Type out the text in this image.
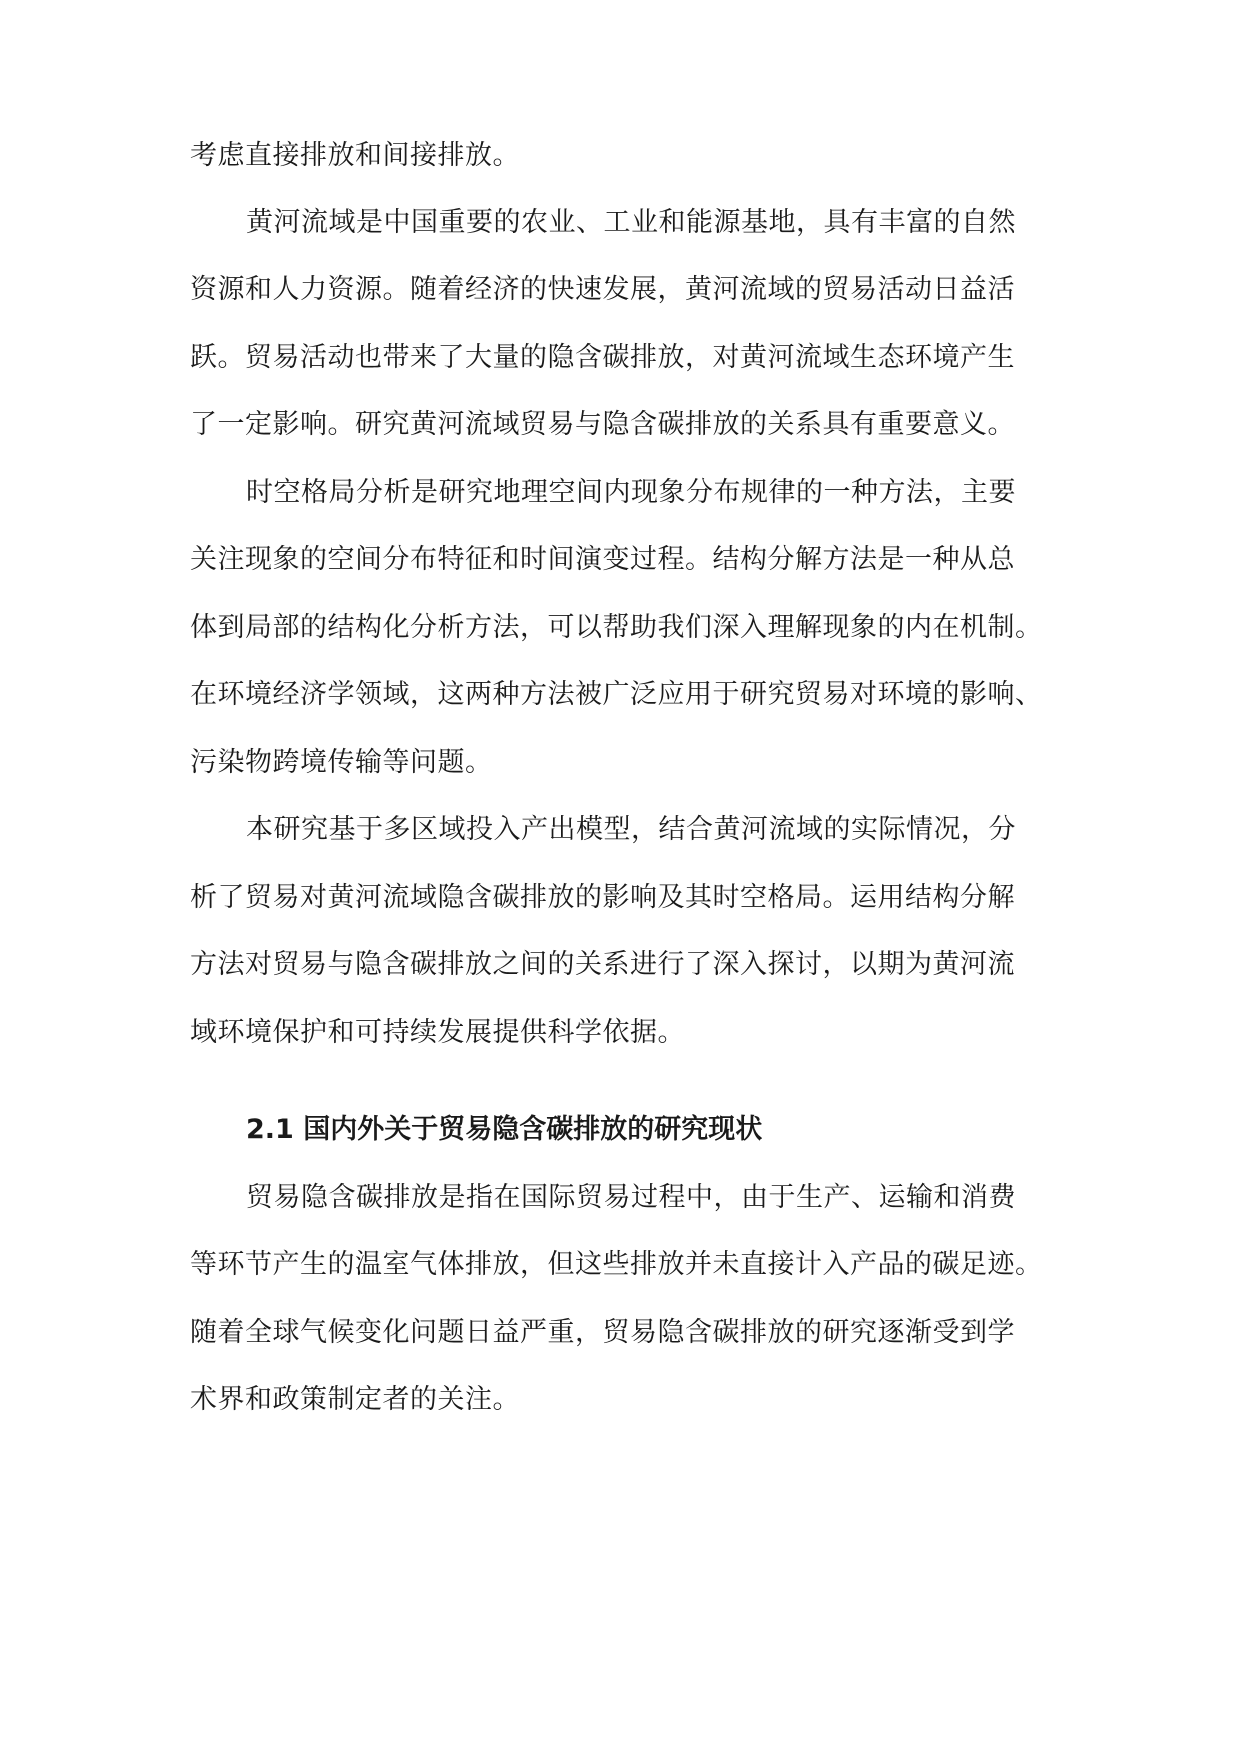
考虑直接排放和间接排放。
黄河流域是中国重要的农业、工业和能源基地，具有丰富的自然
资源和人力资源。随着经济的快速发展，黄河流域的贸易活动日益活
跃。贸易活动也带来了大量的隐含碳排放，对黄河流域生态环境产生
了一定影响。研究黄河流域贸易与隐含碳排放的关系具有重要意义。
时空格局分析是研究地理空间内现象分布规律的一种方法，主要
关注现象的空间分布特征和时间演变过程。结构分解方法是一种从总
体到局部的结构化分析方法，可以帮助我们深入理解现象的内在机制。
在环境经济学领域，这两种方法被广泛应用于研究贸易对环境的影响、
污染物跨境传输等问题。
本研究基于多区域投入产出模型，结合黄河流域的实际情况，分
析了贸易对黄河流域隐含碳排放的影响及其时空格局。运用结构分解
方法对贸易与隐含碳排放之间的关系进行了深入探讨，以期为黄河流
域环境保护和可持续发展提供科学依据。
2.1 国内外关于贸易隐含碳排放的研究现状
贸易隐含碳排放是指在国际贸易过程中，由于生产、运输和消费
等环节产生的温室气体排放，但这些排放并未直接计入产品的碳足迹。
随着全球气候变化问题日益严重，贸易隐含碳排放的研究逐渐受到学
术界和政策制定者的关注。
